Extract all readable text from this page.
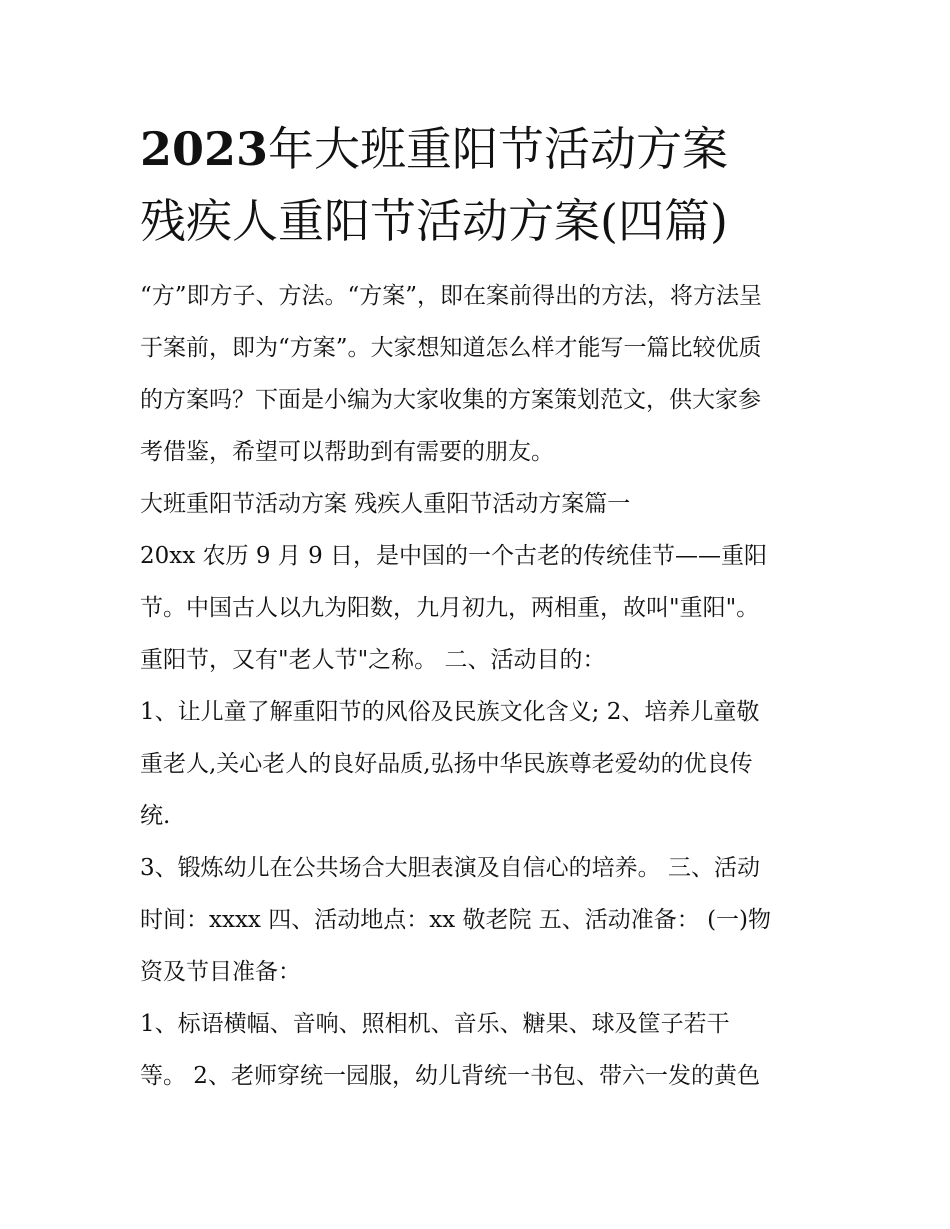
2023年大班重阳节活动方案
残疾人重阳节活动方案(四篇)
“方”即方子、方法。“方案”，即在案前得出的方法，将方法呈
于案前，即为“方案”。大家想知道怎么样才能写一篇比较优质
的方案吗？下面是小编为大家收集的方案策划范文，供大家参
考借鉴，希望可以帮助到有需要的朋友。
大班重阳节活动方案 残疾人重阳节活动方案篇一
20xx 农历 9 月 9 日，是中国的一个古老的传统佳节——重阳
节。中国古人以九为阳数，九月初九，两相重，故叫"重阳"。
重阳节，又有"老人节"之称。 二、活动目的：
1、让儿童了解重阳节的风俗及民族文化含义; 2、培养儿童敬
重老人,关心老人的良好品质,弘扬中华民族尊老爱幼的优良传
统.
3、锻炼幼儿在公共场合大胆表演及自信心的培养。 三、活动
时间：xxxx 四、活动地点：xx 敬老院 五、活动准备： (一)物
资及节目准备：
1、标语横幅、音响、照相机、音乐、糖果、球及筐子若干
等。 2、老师穿统一园服，幼儿背统一书包、带六一发的黄色
